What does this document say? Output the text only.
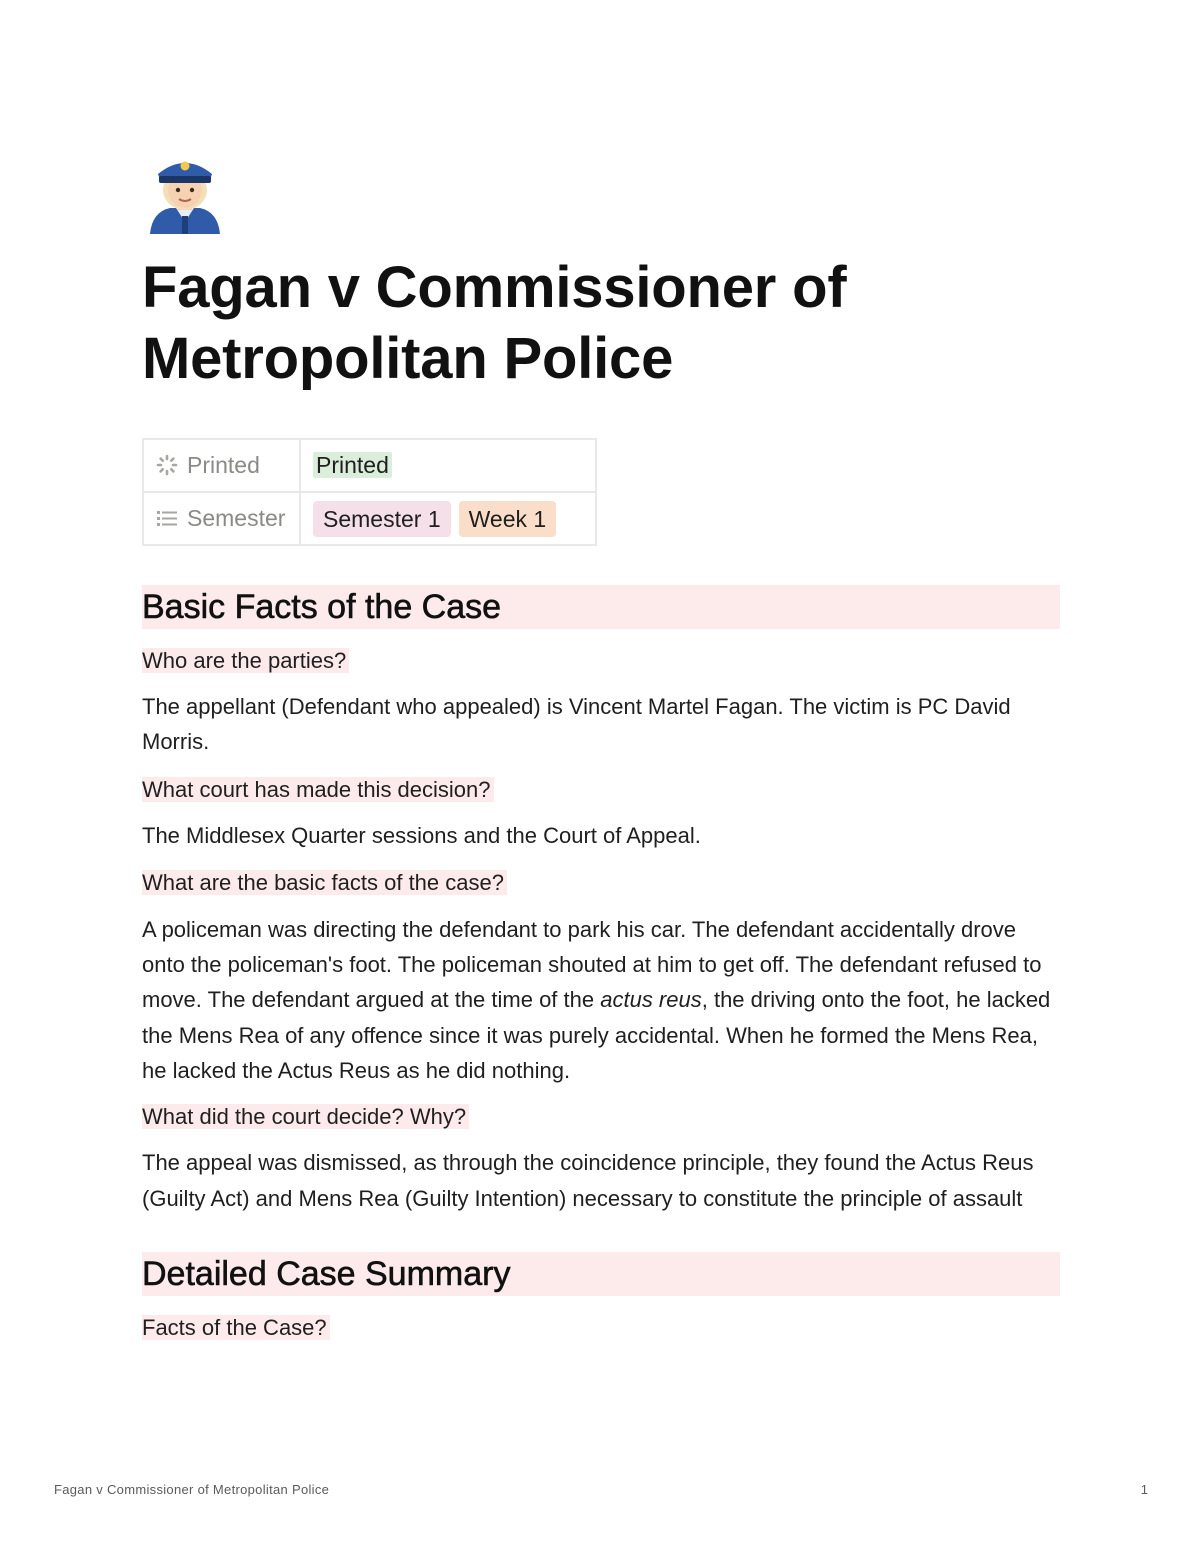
Fagan v Commissioner of Metropolitan Police
Printed	Printed
Semester	Semester 1 Week 1
Basic Facts of the Case

Who are the parties?

The appellant (Defendant who appealed) is Vincent Martel Fagan. The victim is PC David Morris.

What court has made this decision?

The Middlesex Quarter sessions and the Court of Appeal.

What are the basic facts of the case?

A policeman was directing the defendant to park his car. The defendant accidentally drove onto the policeman's foot. The policeman shouted at him to get off. The defendant refused to move. The defendant argued at the time of the actus reus, the driving onto the foot, he lacked the Mens Rea of any offence since it was purely accidental. When he formed the Mens Rea, he lacked the Actus Reus as he did nothing.

What did the court decide? Why?

The appeal was dismissed, as through the coincidence principle, they found the Actus Reus (Guilty Act) and Mens Rea (Guilty Intention) necessary to constitute the principle of assault

Detailed Case Summary

Facts of the Case?

Fagan v Commissioner of Metropolitan Police	1
